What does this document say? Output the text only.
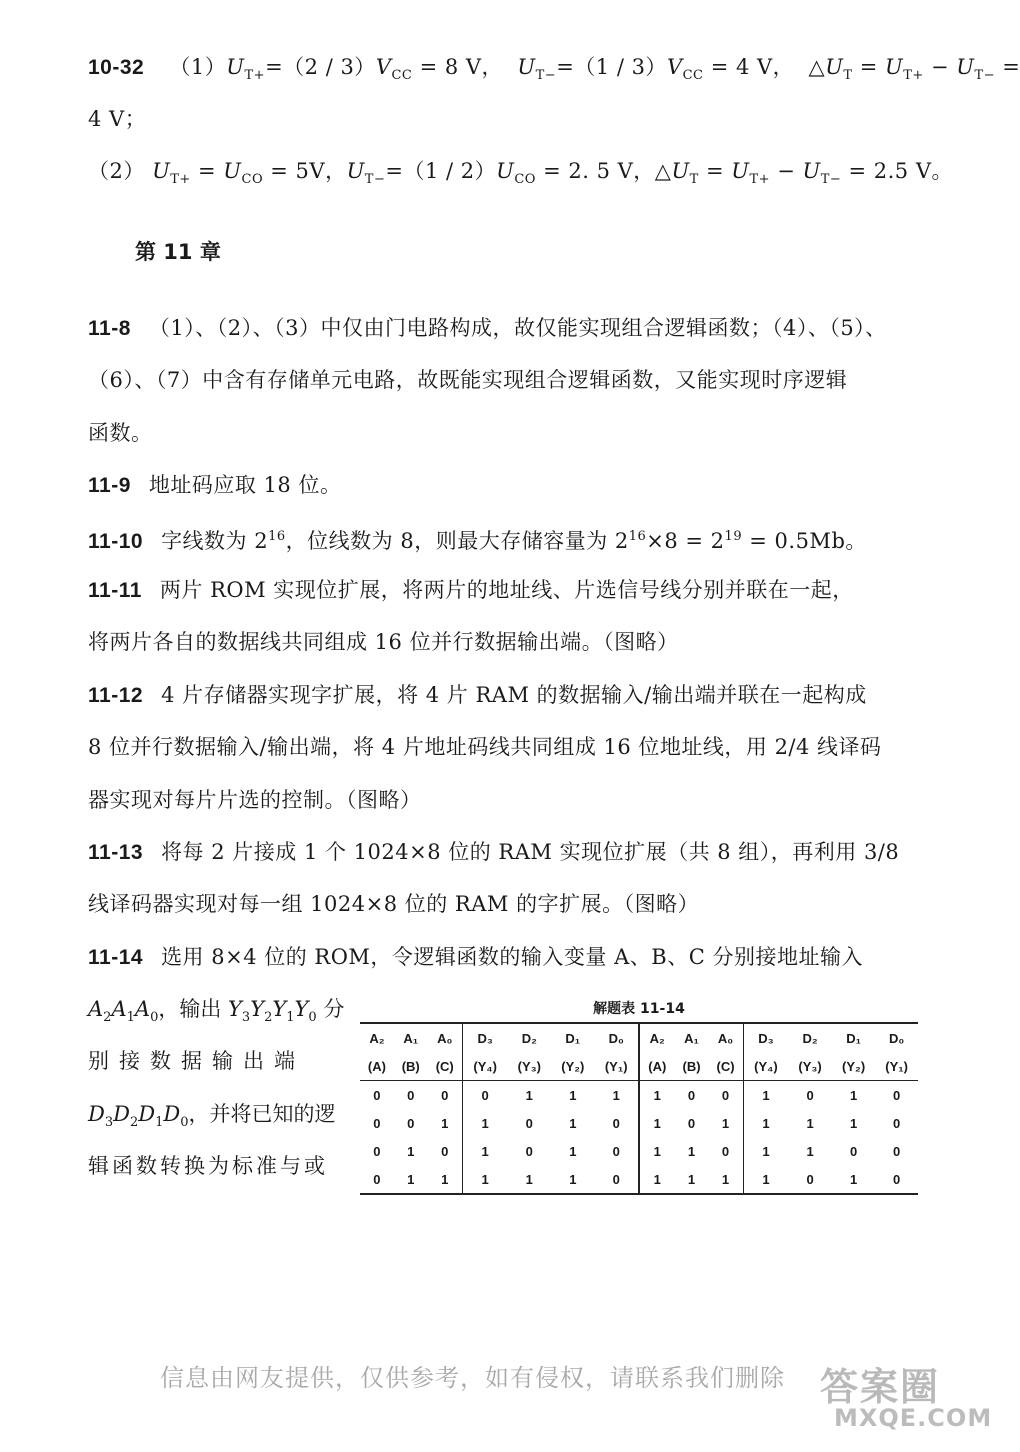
10-32 $(1)U_{T+}=(2 / 3)V_{CC} = 8$ V， $U_{T-}=(1 / 3)V_{CC} = 4$ V， $\triangle U_T = U_{T+} - U_{T-}$ =
4 V；
（2） $U_{T+} = U_{CO} = 5V$，$U_{T-}=(1 / 2)U_{CO} = 2$. 5 V，$\triangle U_T = U_{T+} - U_{T-} = 2.5$ V。
第 11 章
11-8 （1）、（2）、（3）中仅由门电路构成，故仅能实现组合逻辑函数；（4）、（5）、
（6）、（7）中含有存储单元电路，故既能实现组合逻辑函数，又能实现时序逻辑
函数。
11-9 地址码应取 18 位。
11-10 字线数为 $2^{16}$，位线数为 8，则最大存储容量为 $2^{16}\times 8 = 2^{19} = 0.5Mb$。
11-11 两片 ROM 实现位扩展，将两片的地址线、片选信号线分别并联在一起，
将两片各自的数据线共同组成 16 位并行数据输出端。（图略）
11-12 4 片存储器实现字扩展，将 4 片 RAM 的数据输入/输出端并联在一起构成
8 位并行数据输入/输出端，将 4 片地址码线共同组成 16 位地址线，用 2/4 线译码
器实现对每片片选的控制。（图略）
11-13 将每 2 片接成 1 个 1024×8 位的 RAM 实现位扩展（共 8 组），再利用 3/8
线译码器实现对每一组 1024×8 位的 RAM 的字扩展。（图略）
11-14 选用 8×4 位的 ROM，令逻辑函数的输入变量 A、B、C 分别接地址输入
$A_2A_1A_0$，输出 $Y_3Y_2Y_1Y_0$ 分
别接数据输出端
$D_3D_2D_1D_0$，并将已知的逻
辑函数转换为标准与或
解题表 11-14
A₂	A₁	A₀	D₃	D₂	D₁	D₀	A₂	A₁	A₀	D₃	D₂	D₁	D₀
(A)	(B)	(C)	(Y₄)	(Y₃)	(Y₂)	(Y₁)	(A)	(B)	(C)	(Y₄)	(Y₃)	(Y₂)	(Y₁)
0	0	0	0	1	1	1	1	0	0	1	0	1	0
0	0	1	1	0	1	0	1	0	1	1	1	1	0
0	1	0	1	0	1	0	1	1	0	1	1	0	0
0	1	1	1	1	1	0	1	1	1	1	0	1	0
信息由网友提供，仅供参考，如有侵权，请联系我们删除 答案圈
MXQE.COM
